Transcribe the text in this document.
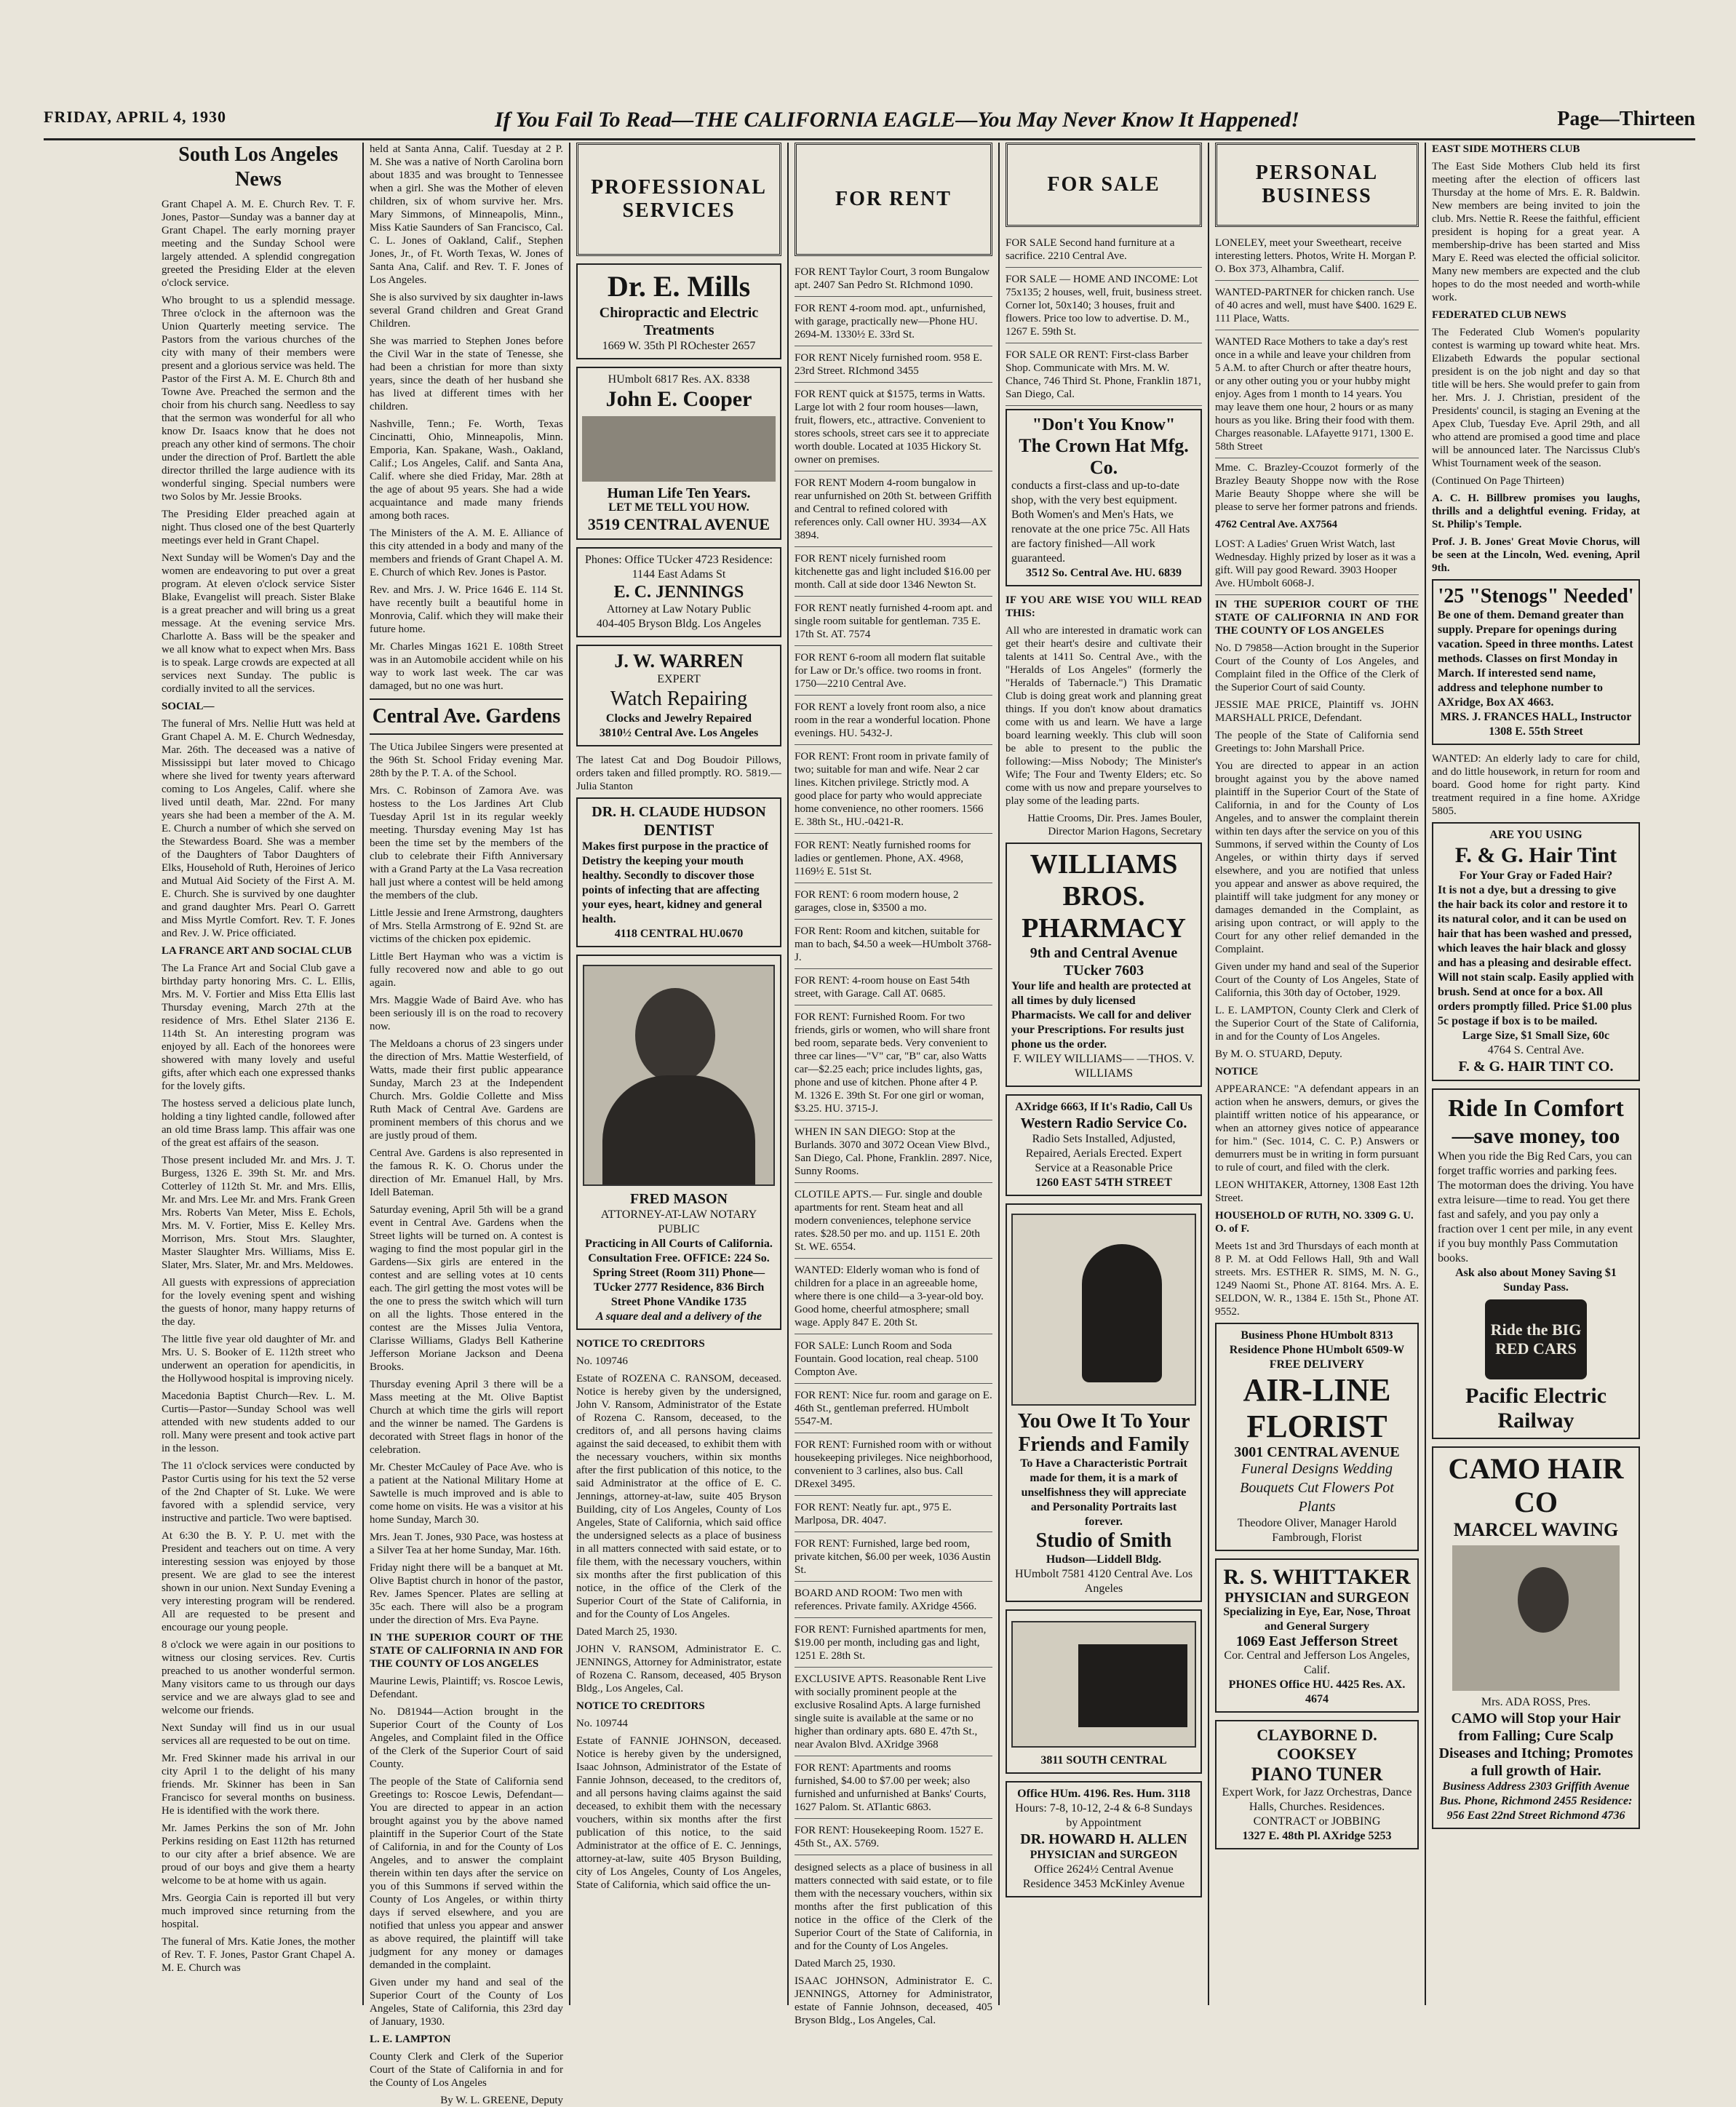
FRIDAY, APRIL 4, 1930	If You Fail To Read—THE CALIFORNIA EAGLE—You May Never Know It Happened!	Page—Thirteen
South Los Angeles News

Grant Chapel A. M. E. Church Rev. T. F. Jones, Pastor—Sunday was a banner day at Grant Chapel. The early morning prayer meeting and the Sunday School were largely attended. A splendid congregation greeted the Presiding Elder at the eleven o'clock service.

Who brought to us a splendid message. Three o'clock in the afternoon was the Union Quarterly meeting service. The Pastors from the various churches of the city with many of their members were present and a glorious service was held. The Pastor of the First A. M. E. Church 8th and Towne Ave. Preached the sermon and the choir from his church sang. Needless to say that the sermon was wonderful for all who know Dr. Isaacs know that he does not preach any other kind of sermons. The choir under the direction of Prof. Bartlett the able director thrilled the large audience with its wonderful singing. Special numbers were two Solos by Mr. Jessie Brooks.

The Presiding Elder preached again at night. Thus closed one of the best Quarterly meetings ever held in Grant Chapel.

Next Sunday will be Women's Day and the women are endeavoring to put over a great program. At eleven o'clock service Sister Blake, Evangelist will preach. Sister Blake is a great preacher and will bring us a great message. At the evening service Mrs. Charlotte A. Bass will be the speaker and we all know what to expect when Mrs. Bass is to speak. Large crowds are expected at all services next Sunday. The public is cordially invited to all the services.

SOCIAL—

The funeral of Mrs. Nellie Hutt was held at Grant Chapel A. M. E. Church Wednesday, Mar. 26th. The deceased was a native of Mississippi but later moved to Chicago where she lived for twenty years afterward coming to Los Angeles, Calif. where she lived until death, Mar. 22nd. For many years she had been a member of the A. M. E. Church a number of which she served on the Stewardess Board. She was a member of the Daughters of Tabor Daughters of Elks, Household of Ruth, Heroines of Jerico and Mutual Aid Society of the First A. M. E. Church. She is survived by one daughter and grand daughter Mrs. Pearl O. Garrett and Miss Myrtle Comfort. Rev. T. F. Jones and Rev. J. W. Price officiated.

LA FRANCE ART AND SOCIAL CLUB

The La France Art and Social Club gave a birthday party honoring Mrs. C. L. Ellis, Mrs. M. V. Fortier and Miss Etta Ellis last Thursday evening, March 27th at the residence of Mrs. Ethel Slater 2136 E. 114th St. An interesting program was enjoyed by all. Each of the honorees were showered with many lovely and useful gifts, after which each one expressed thanks for the lovely gifts.

The hostess served a delicious plate lunch, holding a tiny lighted candle, followed after an old time Brass lamp. This affair was one of the great est affairs of the season.

Those present included Mr. and Mrs. J. T. Burgess, 1326 E. 39th St. Mr. and Mrs. Cotterley of 112th St. Mr. and Mrs. Ellis, Mr. and Mrs. Lee Mr. and Mrs. Frank Green Mrs. Roberts Van Meter, Miss E. Echols, Mrs. M. V. Fortier, Miss E. Kelley Mrs. Morrison, Mrs. Stout Mrs. Slaughter, Master Slaughter Mrs. Williams, Miss E. Slater, Mrs. Slater, Mr. and Mrs. Meldowes.

All guests with expressions of appreciation for the lovely evening spent and wishing the guests of honor, many happy returns of the day.

The little five year old daughter of Mr. and Mrs. U. S. Booker of E. 112th street who underwent an operation for apendicitis, in the Hollywood hospital is improving nicely.

Macedonia Baptist Church—Rev. L. M. Curtis—Pastor—Sunday School was well attended with new students added to our roll. Many were present and took active part in the lesson.

The 11 o'clock services were conducted by Pastor Curtis using for his text the 52 verse of the 2nd Chapter of St. Luke. We were favored with a splendid service, very instructive and particle. Two were baptised.

At 6:30 the B. Y. P. U. met with the President and teachers out on time. A very interesting session was enjoyed by those present. We are glad to see the interest shown in our union. Next Sunday Evening a very interesting program will be rendered. All are requested to be present and encourage our young people.

8 o'clock we were again in our positions to witness our closing services. Rev. Curtis preached to us another wonderful sermon. Many visitors came to us through our days service and we are always glad to see and welcome our friends.

Next Sunday will find us in our usual services all are requested to be out on time.

Mr. Fred Skinner made his arrival in our city April 1 to the delight of his many friends. Mr. Skinner has been in San Francisco for several months on business. He is identified with the work there.

Mr. James Perkins the son of Mr. John Perkins residing on East 112th has returned to our city after a brief absence. We are proud of our boys and give them a hearty welcome to be at home with us again.

Mrs. Georgia Cain is reported ill but very much improved since returning from the hospital.

The funeral of Mrs. Katie Jones, the mother of Rev. T. F. Jones, Pastor Grant Chapel A. M. E. Church was

held at Santa Anna, Calif. Tuesday at 2 P. M. She was a native of North Carolina born about 1835 and was brought to Tennessee when a girl. She was the Mother of eleven children, six of whom survive her. Mrs. Mary Simmons, of Minneapolis, Minn., Miss Katie Saunders of San Francisco, Cal. C. L. Jones of Oakland, Calif., Stephen Jones, Jr., of Ft. Worth Texas, W. Jones of Santa Ana, Calif. and Rev. T. F. Jones of Los Angeles.

She is also survived by six daughter in-laws several Grand children and Great Grand Children.

She was married to Stephen Jones before the Civil War in the state of Tenesse, she had been a christian for more than sixty years, since the death of her husband she has lived at different times with her children.

Nashville, Tenn.; Fe. Worth, Texas Cincinatti, Ohio, Minneapolis, Minn. Emporia, Kan. Spakane, Wash., Oakland, Calif.; Los Angeles, Calif. and Santa Ana, Calif. where she died Friday, Mar. 28th at the age of about 95 years. She had a wide acquaintance and made many friends among both races.

The Ministers of the A. M. E. Alliance of this city attended in a body and many of the members and friends of Grant Chapel A. M. E. Church of which Rev. Jones is Pastor.

Rev. and Mrs. J. W. Price 1646 E. 114 St. have recently built a beautiful home in Monrovia, Calif. which they will make their future home.

Mr. Charles Mingas 1621 E. 108th Street was in an Automobile accident while on his way to work last week. The car was damaged, but no one was hurt.

Central Ave. Gardens

The Utica Jubilee Singers were presented at the 96th St. School Friday evening Mar. 28th by the P. T. A. of the School.

Mrs. C. Robinson of Zamora Ave. was hostess to the Los Jardines Art Club Tuesday April 1st in its regular weekly meeting. Thursday evening May 1st has been the time set by the members of the club to celebrate their Fifth Anniversary with a Grand Party at the La Vasa recreation hall just where a contest will be held among the members of the club.

Little Jessie and Irene Armstrong, daughters of Mrs. Stella Armstrong of E. 92nd St. are victims of the chicken pox epidemic.

Little Bert Hayman who was a victim is fully recovered now and able to go out again.

Mrs. Maggie Wade of Baird Ave. who has been seriously ill is on the road to recovery now.

The Meldoans a chorus of 23 singers under the direction of Mrs. Mattie Westerfield, of Watts, made their first public appearance Sunday, March 23 at the Independent Church. Mrs. Goldie Collette and Miss Ruth Mack of Central Ave. Gardens are prominent members of this chorus and we are justly proud of them.

Central Ave. Gardens is also represented in the famous R. K. O. Chorus under the direction of Mr. Emanuel Hall, by Mrs. Idell Bateman.

Saturday evening, April 5th will be a grand event in Central Ave. Gardens when the Street lights will be turned on. A contest is waging to find the most popular girl in the Gardens—Six girls are entered in the contest and are selling votes at 10 cents each. The girl getting the most votes will be the one to press the switch which will turn on all the lights. Those entered in the contest are the Misses Julia Ventora, Clarisse Williams, Gladys Bell Katherine Jefferson Moriane Jackson and Deena Brooks.

Thursday evening April 3 there will be a Mass meeting at the Mt. Olive Baptist Church at which time the girls will report and the winner be named. The Gardens is decorated with Street flags in honor of the celebration.

Mr. Chester McCauley of Pace Ave. who is a patient at the National Military Home at Sawtelle is much improved and is able to come home on visits. He was a visitor at his home Sunday, March 30.

Mrs. Jean T. Jones, 930 Pace, was hostess at a Silver Tea at her home Sunday, Mar. 16th.

Friday night there will be a banquet at Mt. Olive Baptist church in honor of the pastor, Rev. James Spencer. Plates are selling at 35c each. There will also be a program under the direction of Mrs. Eva Payne.

IN THE SUPERIOR COURT OF THE STATE OF CALIFORNIA IN AND FOR THE COUNTY OF LOS ANGELES

Maurine Lewis, Plaintiff; vs. Roscoe Lewis, Defendant.

No. D81944—Action brought in the Superior Court of the County of Los Angeles, and Complaint filed in the Office of the Clerk of the Superior Court of said County.

The people of the State of California send Greetings to: Roscoe Lewis, Defendant—You are directed to appear in an action brought against you by the above named plaintiff in the Superior Court of the State of California, in and for the County of Los Angeles, and to answer the complaint therein within ten days after the service on you of this Summons if served within the County of Los Angeles, or within thirty days if served elsewhere, and you are notified that unless you appear and answer as above required, the plaintiff will take judgment for any money or damages demanded in the complaint.

Given under my hand and seal of the Superior Court of the County of Los Angeles, State of California, this 23rd day of January, 1930.

L. E. LAMPTON

County Clerk and Clerk of the Superior Court of the State of California in and for the County of Los Angeles

By W. L. GREENE, Deputy

PROFESSIONAL SERVICES
Dr. E. Mills
Chiropractic and Electric Treatments
1669 W. 35th Pl ROchester 2657
HUmbolt 6817 Res. AX. 8338
John E. Cooper
Human Life Ten Years.
LET ME TELL YOU HOW.
3519 CENTRAL AVENUE
Phones: Office TUcker 4723 Residence: 1144 East Adams St
E. C. JENNINGS
Attorney at Law Notary Public
404-405 Bryson Bldg. Los Angeles
J. W. WARREN
EXPERT
Watch Repairing
Clocks and Jewelry Repaired
3810½ Central Ave. Los Angeles

The latest Cat and Dog Boudoir Pillows, orders taken and filled promptly. RO. 5819.—Julia Stanton

DR. H. CLAUDE HUDSON
DENTIST
Makes first purpose in the practice of Detistry the keeping your mouth healthy. Secondly to discover those points of infecting that are affecting your eyes, heart, kidney and general health.
4118 CENTRAL HU.0670
FRED MASON
ATTORNEY-AT-LAW NOTARY PUBLIC
Practicing in All Courts of California. Consultation Free. OFFICE: 224 So. Spring Street (Room 311) Phone—TUcker 2777 Residence, 836 Birch Street Phone VAndike 1735
A square deal and a delivery of the

NOTICE TO CREDITORS

No. 109746

Estate of ROZENA C. RANSOM, deceased. Notice is hereby given by the undersigned, John V. Ransom, Administrator of the Estate of Rozena C. Ransom, deceased, to the creditors of, and all persons having claims against the said deceased, to exhibit them with the necessary vouchers, within six months after the first publication of this notice, to the said Administrator at the office of E. C. Jennings, attorney-at-law, suite 405 Bryson Building, city of Los Angeles, County of Los Angeles, State of California, which said office the undersigned selects as a place of business in all matters connected with said estate, or to file them, with the necessary vouchers, within six months after the first publication of this notice, in the office of the Clerk of the Superior Court of the State of California, in and for the County of Los Angeles.

Dated March 25, 1930.

JOHN V. RANSOM, Administrator E. C. JENNINGS, Attorney for Administrator, estate of Rozena C. Ransom, deceased, 405 Bryson Bldg., Los Angeles, Cal.

NOTICE TO CREDITORS

No. 109744

Estate of FANNIE JOHNSON, deceased. Notice is hereby given by the undersigned, Isaac Johnson, Administrator of the Estate of Fannie Johnson, deceased, to the creditors of, and all persons having claims against the said deceased, to exhibit them with the necessary vouchers, within six months after the first publication of this notice, to the said Administrator at the office of E. C. Jennings, attorney-at-law, suite 405 Bryson Building, city of Los Angeles, County of Los Angeles, State of California, which said office the un-

FOR RENT
FOR RENT Taylor Court, 3 room Bungalow apt. 2407 San Pedro St. RIchmond 1090.
FOR RENT 4-room mod. apt., unfurnished, with garage, practically new—Phone HU. 2694-M. 1330½ E. 33rd St.
FOR RENT Nicely furnished room. 958 E. 23rd Street. RIchmond 3455
FOR RENT quick at $1575, terms in Watts. Large lot with 2 four room houses—lawn, fruit, flowers, etc., attractive. Convenient to stores schools, street cars see it to appreciate worth double. Located at 1035 Hickory St. owner on premises.
FOR RENT Modern 4-room bungalow in rear unfurnished on 20th St. between Griffith and Central to refined colored with references only. Call owner HU. 3934—AX 3894.
FOR RENT nicely furnished room kitchenette gas and light included $16.00 per month. Call at side door 1346 Newton St.
FOR RENT neatly furnished 4-room apt. and single room suitable for gentleman. 735 E. 17th St. AT. 7574
FOR RENT 6-room all modern flat suitable for Law or Dr.'s office. two rooms in front. 1750—2210 Central Ave.
FOR RENT a lovely front room also, a nice room in the rear a wonderful location. Phone evenings. HU. 5432-J.
FOR RENT: Front room in private family of two; suitable for man and wife. Near 2 car lines. Kitchen privilege. Strictly mod. A good place for party who would appreciate home convenience, no other roomers. 1566 E. 38th St., HU.-0421-R.
FOR RENT: Neatly furnished rooms for ladies or gentlemen. Phone, AX. 4968, 1169½ E. 51st St.
FOR RENT: 6 room modern house, 2 garages, close in, $3500 a mo.
FOR Rent: Room and kitchen, suitable for man to bach, $4.50 a week—HUmbolt 3768-J.
FOR RENT: 4-room house on East 54th street, with Garage. Call AT. 0685.
FOR RENT: Furnished Room. For two friends, girls or women, who will share front bed room, separate beds. Very convenient to three car lines—"V" car, "B" car, also Watts car—$2.25 each; price includes lights, gas, phone and use of kitchen. Phone after 4 P. M. 1326 E. 39th St. For one girl or woman, $3.25. HU. 3715-J.
WHEN IN SAN DIEGO: Stop at the Burlands. 3070 and 3072 Ocean View Blvd., San Diego, Cal. Phone, Franklin. 2897. Nice, Sunny Rooms.
CLOTILE APTS.— Fur. single and double apartments for rent. Steam heat and all modern conveniences, telephone service rates. $28.50 per mo. and up. 1151 E. 20th St. WE. 6554.
WANTED: Elderly woman who is fond of children for a place in an agreeable home, where there is one child—a 3-year-old boy. Good home, cheerful atmosphere; small wage. Apply 847 E. 20th St.
FOR SALE: Lunch Room and Soda Fountain. Good location, real cheap. 5100 Compton Ave.
FOR RENT: Nice fur. room and garage on E. 46th St., gentleman preferred. HUmbolt 5547-M.
FOR RENT: Furnished room with or without housekeeping privileges. Nice neighborhood, convenient to 3 carlines, also bus. Call DRexel 3495.
FOR RENT: Neatly fur. apt., 975 E. Marlposa, DR. 4047.
FOR RENT: Furnished, large bed room, private kitchen, $6.00 per week, 1036 Austin St.
BOARD AND ROOM: Two men with references. Private family. AXridge 4566.
FOR RENT: Furnished apartments for men, $19.00 per month, including gas and light, 1251 E. 28th St.
EXCLUSIVE APTS. Reasonable Rent Live with socially prominent people at the exclusive Rosalind Apts. A large furnished single suite is available at the same or no higher than ordinary apts. 680 E. 47th St., near Avalon Blvd. AXridge 3968
FOR RENT: Apartments and rooms furnished, $4.00 to $7.00 per week; also furnished and unfurnished at Banks' Courts, 1627 Palom. St. ATlantic 6863.
FOR RENT: Housekeeping Room. 1527 E. 45th St., AX. 5769.

designed selects as a place of business in all matters connected with said estate, or to file them with the necessary vouchers, within six months after the first publication of this notice in the office of the Clerk of the Superior Court of the State of California, in and for the County of Los Angeles.

Dated March 25, 1930.

ISAAC JOHNSON, Administrator E. C. JENNINGS, Attorney for Administrator, estate of Fannie Johnson, deceased, 405 Bryson Bldg., Los Angeles, Cal.

FOR SALE
FOR SALE Second hand furniture at a sacrifice. 2210 Central Ave.
FOR SALE — HOME AND INCOME: Lot 75x135; 2 houses, well, fruit, business street. Corner lot, 50x140; 3 houses, fruit and flowers. Price too low to advertise. D. M., 1267 E. 59th St.
FOR SALE OR RENT: First-class Barber Shop. Communicate with Mrs. M. W. Chance, 746 Third St. Phone, Franklin 1871, San Diego, Cal.
"Don't You Know"
The Crown Hat Mfg. Co.
conducts a first-class and up-to-date shop, with the very best equipment. Both Women's and Men's Hats, we renovate at the one price 75c. All Hats are factory finished—All work guaranteed.
3512 So. Central Ave. HU. 6839

IF YOU ARE WISE YOU WILL READ THIS:

All who are interested in dramatic work can get their heart's desire and cultivate their talents at 1411 So. Central Ave., with the "Heralds of Los Angeles" (formerly the "Heralds of Tabernacle.") This Dramatic Club is doing great work and planning great things. If you don't know about dramatics come with us and learn. We have a large board learning weekly. This club will soon be able to present to the public the following:—Miss Nobody; The Minister's Wife; The Four and Twenty Elders; etc. So come with us now and prepare yourselves to play some of the leading parts.

Hattie Crooms, Dir. Pres. James Bouler, Director Marion Hagons, Secretary

WILLIAMS BROS. PHARMACY
9th and Central Avenue
TUcker 7603
Your life and health are protected at all times by duly licensed Pharmacists. We call for and deliver your Prescriptions. For results just phone us the order.
F. WILEY WILLIAMS— —THOS. V. WILLIAMS
AXridge 6663, If It's Radio, Call Us
Western Radio Service Co.
Radio Sets Installed, Adjusted, Repaired, Aerials Erected. Expert Service at a Reasonable Price
1260 EAST 54TH STREET
You Owe It To Your Friends and Family
To Have a Characteristic Portrait made for them, it is a mark of unselfishness they will appreciate and Personality Portraits last forever.
Studio of Smith
Hudson—Liddell Bldg.
HUmbolt 7581 4120 Central Ave. Los Angeles
3811 SOUTH CENTRAL
Office HUm. 4196. Res. Hum. 3118
Hours: 7-8, 10-12, 2-4 & 6-8 Sundays by Appointment
DR. HOWARD H. ALLEN
PHYSICIAN and SURGEON
Office 2624½ Central Avenue Residence 3453 McKinley Avenue
PERSONAL BUSINESS
LONELEY, meet your Sweetheart, receive interesting letters. Photos, Write H. Morgan P. O. Box 373, Alhambra, Calif.
WANTED-PARTNER for chicken ranch. Use of 40 acres and well, must have $400. 1629 E. 111 Place, Watts.
WANTED Race Mothers to take a day's rest once in a while and leave your children from 5 A.M. to after Church or after theatre hours, or any other outing you or your hubby might enjoy. Ages from 1 month to 14 years. You may leave them one hour, 2 hours or as many hours as you like. Bring their food with them. Charges reasonable. LAfayette 9171, 1300 E. 58th Street

Mme. C. Brazley-Ccouzot formerly of the Brazley Beauty Shoppe now with the Rose Marie Beauty Shoppe where she will be please to serve her former patrons and friends.

4762 Central Ave. AX7564

LOST: A Ladies' Gruen Wrist Watch, last Wednesday. Highly prized by loser as it was a gift. Will pay good Reward. 3903 Hooper Ave. HUmbolt 6068-J.

IN THE SUPERIOR COURT OF THE STATE OF CALIFORNIA IN AND FOR THE COUNTY OF LOS ANGELES

No. D 79858—Action brought in the Superior Court of the County of Los Angeles, and Complaint filed in the Office of the Clerk of the Superior Court of said County.

JESSIE MAE PRICE, Plaintiff vs. JOHN MARSHALL PRICE, Defendant.

The people of the State of California send Greetings to: John Marshall Price.

You are directed to appear in an action brought against you by the above named plaintiff in the Superior Court of the State of California, in and for the County of Los Angeles, and to answer the complaint therein within ten days after the service on you of this Summons, if served within the County of Los Angeles, or within thirty days if served elsewhere, and you are notified that unless you appear and answer as above required, the plaintiff will take judgment for any money or damages demanded in the Complaint, as arising upon contract, or will apply to the Court for any other relief demanded in the Complaint.

Given under my hand and seal of the Superior Court of the County of Los Angeles, State of California, this 30th day of October, 1929.

L. E. LAMPTON, County Clerk and Clerk of the Superior Court of the State of California, in and for the County of Los Angeles.

By M. O. STUARD, Deputy.

NOTICE

APPEARANCE: "A defendant appears in an action when he answers, demurs, or gives the plaintiff written notice of his appearance, or when an attorney gives notice of appearance for him." (Sec. 1014, C. C. P.) Answers or demurrers must be in writing in form pursuant to rule of court, and filed with the clerk.

LEON WHITAKER, Attorney, 1308 East 12th Street.

HOUSEHOLD OF RUTH, NO. 3309 G. U. O. of F.

Meets 1st and 3rd Thursdays of each month at 8 P. M. at Odd Fellows Hall, 9th and Wall streets. Mrs. ESTHER R. SIMS, M. N. G., 1249 Naomi St., Phone AT. 8164. Mrs. A. E. SELDON, W. R., 1384 E. 15th St., Phone AT. 9552.

Business Phone HUmbolt 8313 Residence Phone HUmbolt 6509-W
FREE DELIVERY
AIR-LINE FLORIST
3001 CENTRAL AVENUE
Funeral Designs Wedding Bouquets Cut Flowers Pot Plants
Theodore Oliver, Manager Harold Fambrough, Florist
R. S. WHITTAKER
PHYSICIAN and SURGEON
Specializing in Eye, Ear, Nose, Throat and General Surgery
1069 East Jefferson Street
Cor. Central and Jefferson Los Angeles, Calif.
PHONES Office HU. 4425 Res. AX. 4674
CLAYBORNE D. COOKSEY
PIANO TUNER
Expert Work, for Jazz Orchestras, Dance Halls, Churches. Residences. CONTRACT or JOBBING
1327 E. 48th Pl. AXridge 5253

EAST SIDE MOTHERS CLUB

The East Side Mothers Club held its first meeting after the election of officers last Thursday at the home of Mrs. E. R. Baldwin. New members are being invited to join the club. Mrs. Nettie R. Reese the faithful, efficient president is hoping for a great year. A membership-drive has been started and Miss Mary E. Reed was elected the official solicitor. Many new members are expected and the club hopes to do the most needed and worth-while work.

FEDERATED CLUB NEWS

The Federated Club Women's popularity contest is warming up toward white heat. Mrs. Elizabeth Edwards the popular sectional president is on the job night and day so that title will be hers. She would prefer to gain from her. Mrs. J. J. Christian, president of the Presidents' council, is staging an Evening at the Apex Club, Tuesday Eve. April 29th, and all who attend are promised a good time and place will be announced later. The Narcissus Club's Whist Tournament week of the season.

(Continued On Page Thirteen)

A. C. H. Billbrew promises you laughs, thrills and a delightful evening. Friday, at St. Philip's Temple.

Prof. J. B. Jones' Great Movie Chorus, will be seen at the Lincoln, Wed. evening, April 9th.

'25 "Stenogs" Needed'
Be one of them. Demand greater than supply. Prepare for openings during vacation. Speed in three months. Latest methods. Classes on first Monday in March. If interested send name, address and telephone number to AXridge, Box AX 4663.
MRS. J. FRANCES HALL, Instructor 1308 E. 55th Street

WANTED: An elderly lady to care for child, and do little housework, in return for room and board. Good home for right party. Kind treatment required in a fine home. AXridge 5805.

ARE YOU USING
F. & G. Hair Tint
For Your Gray or Faded Hair?
It is not a dye, but a dressing to give the hair back its color and restore it to its natural color, and it can be used on hair that has been washed and pressed, which leaves the hair black and glossy and has a pleasing and desirable effect. Will not stain scalp. Easily applied with brush. Send at once for a box. All orders promptly filled. Price $1.00 plus 5c postage if box is to be mailed.
Large Size, $1 Small Size, 60c
4764 S. Central Ave.
F. & G. HAIR TINT CO.
Ride In Comfort
—save money, too
When you ride the Big Red Cars, you can forget traffic worries and parking fees. The motorman does the driving. You have extra leisure—time to read. You get there fast and safely, and you pay only a fraction over 1 cent per mile, in any event if you buy monthly Pass Commutation books.
Ask also about Money Saving $1 Sunday Pass.
Ride the BIG RED CARS
Pacific Electric Railway
CAMO HAIR CO
MARCEL WAVING
Mrs. ADA ROSS, Pres.
CAMO will Stop your Hair from Falling; Cure Scalp Diseases and Itching; Promotes a full growth of Hair.
Business Address 2303 Griffith Avenue Bus. Phone, Richmond 2455 Residence: 956 East 22nd Street Richmond 4736
